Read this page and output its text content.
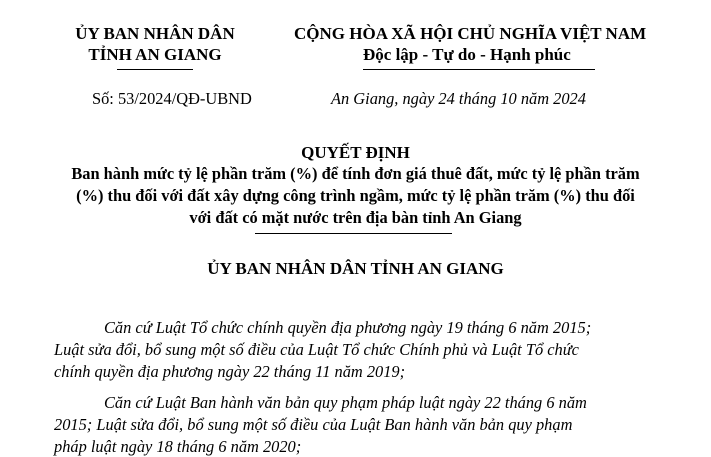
ỦY BAN NHÂN DÂN
TỈNH AN GIANG
CỘNG HÒA XÃ HỘI CHỦ NGHĨA VIỆT NAM
Độc lập - Tự do - Hạnh phúc
Số: 53/2024/QĐ-UBND	An Giang, ngày 24 tháng 10 năm 2024
QUYẾT ĐỊNH
Ban hành mức tỷ lệ phần trăm (%) để tính đơn giá thuê đất, mức tỷ lệ phần trăm
(%) thu đối với đất xây dựng công trình ngầm, mức tỷ lệ phần trăm (%) thu đối
với đất có mặt nước trên địa bàn tỉnh An Giang
ỦY BAN NHÂN DÂN TỈNH AN GIANG
Căn cứ Luật Tổ chức chính quyền địa phương ngày 19 tháng 6 năm 2015;
Luật sửa đổi, bổ sung một số điều của Luật Tổ chức Chính phủ và Luật Tổ chức
chính quyền địa phương ngày 22 tháng 11 năm 2019;
Căn cứ Luật Ban hành văn bản quy phạm pháp luật ngày 22 tháng 6 năm
2015; Luật sửa đổi, bổ sung một số điều của Luật Ban hành văn bản quy phạm
pháp luật ngày 18 tháng 6 năm 2020;
